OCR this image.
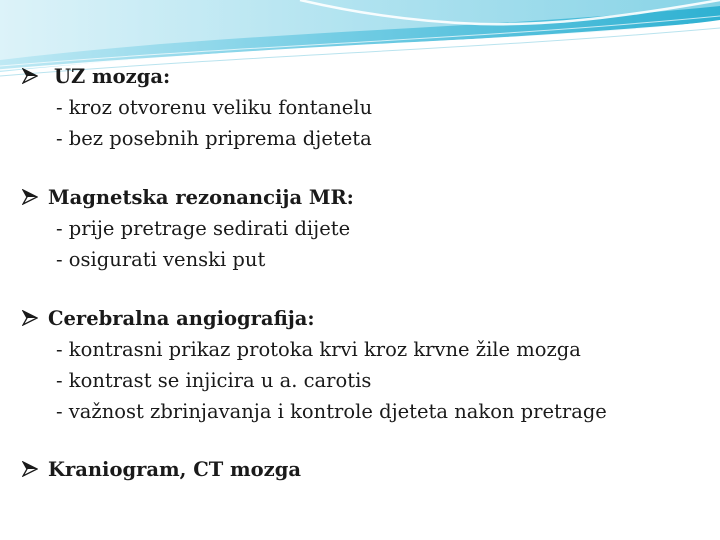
UZ mozga:
- kroz otvorenu veliku fontanelu
- bez posebnih priprema djeteta
Magnetska rezonancija MR:
- prije pretrage sedirati dijete
- osigurati venski put
Cerebralna angiografija:
- kontrasni prikaz protoka krvi kroz krvne žile mozga
- kontrast se injicira u a. carotis
- važnost zbrinjavanja i kontrole djeteta nakon pretrage
Kraniogram, CT mozga
